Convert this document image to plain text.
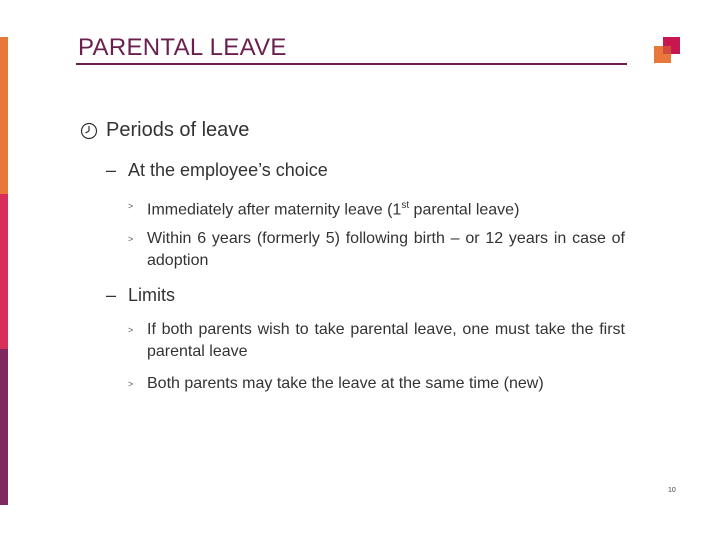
PARENTAL LEAVE
Periods of leave
– At the employee’s choice
> Immediately after maternity leave (1st parental leave)
> Within 6 years (formerly 5) following birth – or 12 years in case of adoption
– Limits
> If both parents wish to take parental leave, one must take the first parental leave
> Both parents may take the leave at the same time (new)
10
